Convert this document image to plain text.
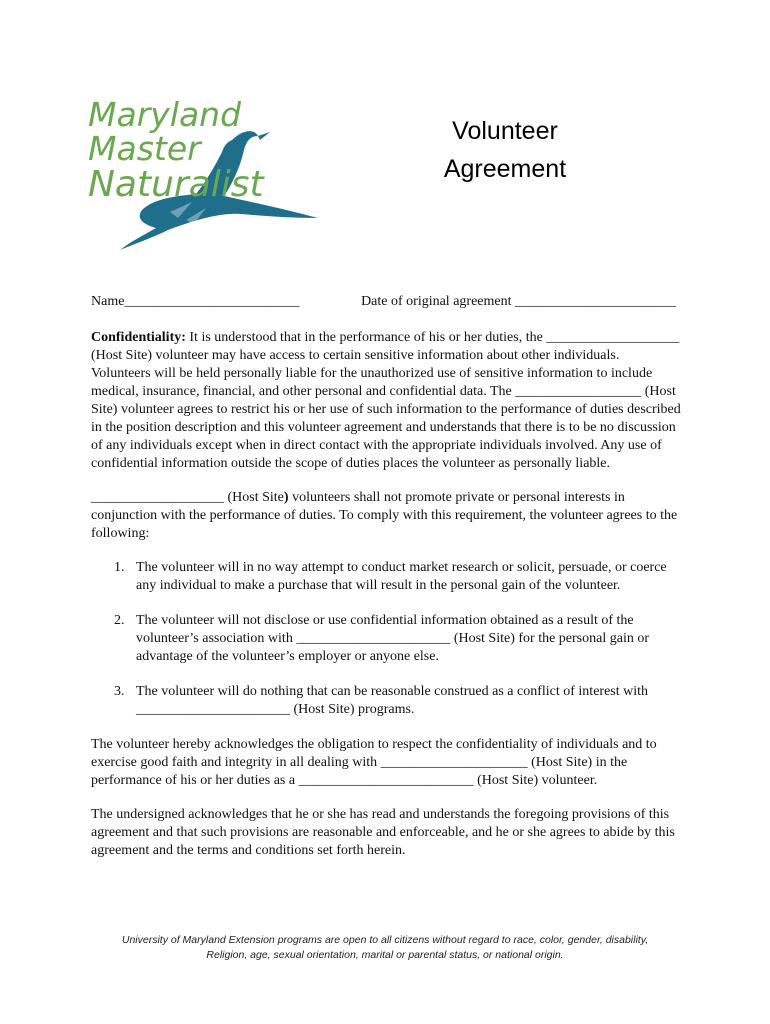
Maryland
Master
Naturalist
Volunteer
Agreement

Name_________________________	Date of original agreement _______________________

Confidentiality: It is understood that in the performance of his or her duties, the ___________________ (Host Site) volunteer may have access to certain sensitive information about other individuals. Volunteers will be held personally liable for the unauthorized use of sensitive information to include medical, insurance, financial, and other personal and confidential data. The __________________ (Host Site) volunteer agrees to restrict his or her use of such information to the performance of duties described in the position description and this volunteer agreement and understands that there is to be no discussion of any individuals except when in direct contact with the appropriate individuals involved. Any use of confidential information outside the scope of duties places the volunteer as personally liable.

___________________ (Host Site) volunteers shall not promote private or personal interests in conjunction with the performance of duties. To comply with this requirement, the volunteer agrees to the following:

1. The volunteer will in no way attempt to conduct market research or solicit, persuade, or coerce any individual to make a purchase that will result in the personal gain of the volunteer.
2. The volunteer will not disclose or use confidential information obtained as a result of the volunteer’s association with ______________________ (Host Site) for the personal gain or advantage of the volunteer’s employer or anyone else.
3. The volunteer will do nothing that can be reasonable construed as a conflict of interest with ______________________ (Host Site) programs.

The volunteer hereby acknowledges the obligation to respect the confidentiality of individuals and to exercise good faith and integrity in all dealing with _____________________ (Host Site) in the performance of his or her duties as a _________________________ (Host Site) volunteer.

The undersigned acknowledges that he or she has read and understands the foregoing provisions of this agreement and that such provisions are reasonable and enforceable, and he or she agrees to abide by this agreement and the terms and conditions set forth herein.

University of Maryland Extension programs are open to all citizens without regard to race, color, gender, disability,
Religion, age, sexual orientation, marital or parental status, or national origin.
